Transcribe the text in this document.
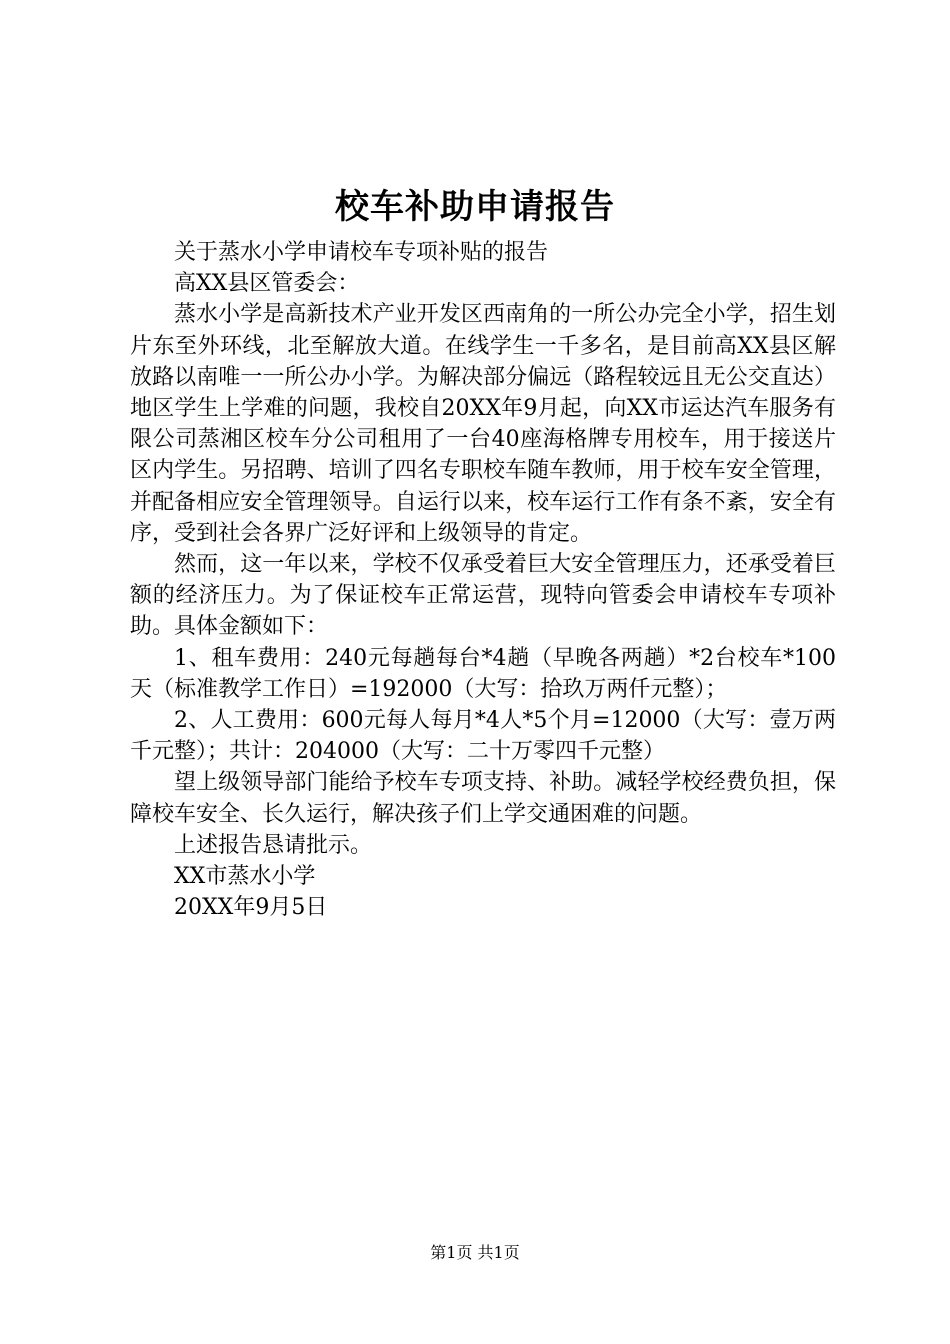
校车补助申请报告

关于蒸水小学申请校车专项补贴的报告

高XX县区管委会：

蒸水小学是高新技术产业开发区西南角的一所公办完全小学，招生划片东至外环线，北至解放大道。在线学生一千多名，是目前高XX县区解放路以南唯一一所公办小学。为解决部分偏远（路程较远且无公交直达）地区学生上学难的问题，我校自20XX年9月起，向XX市运达汽车服务有限公司蒸湘区校车分公司租用了一台40座海格牌专用校车，用于接送片区内学生。另招聘、培训了四名专职校车随车教师，用于校车安全管理，并配备相应安全管理领导。自运行以来，校车运行工作有条不紊，安全有序，受到社会各界广泛好评和上级领导的肯定。

然而，这一年以来，学校不仅承受着巨大安全管理压力，还承受着巨额的经济压力。为了保证校车正常运营，现特向管委会申请校车专项补助。具体金额如下：

1、租车费用：240元每趟每台*4趟（早晚各两趟）*2台校车*100天（标准教学工作日）=192000（大写：拾玖万两仟元整）；

2、人工费用：600元每人每月*4人*5个月=12000（大写：壹万两千元整）；共计：204000（大写：二十万零四千元整）

望上级领导部门能给予校车专项支持、补助。减轻学校经费负担，保障校车安全、长久运行，解决孩子们上学交通困难的问题。

上述报告恳请批示。

XX市蒸水小学

20XX年9月5日

第1页 共1页
